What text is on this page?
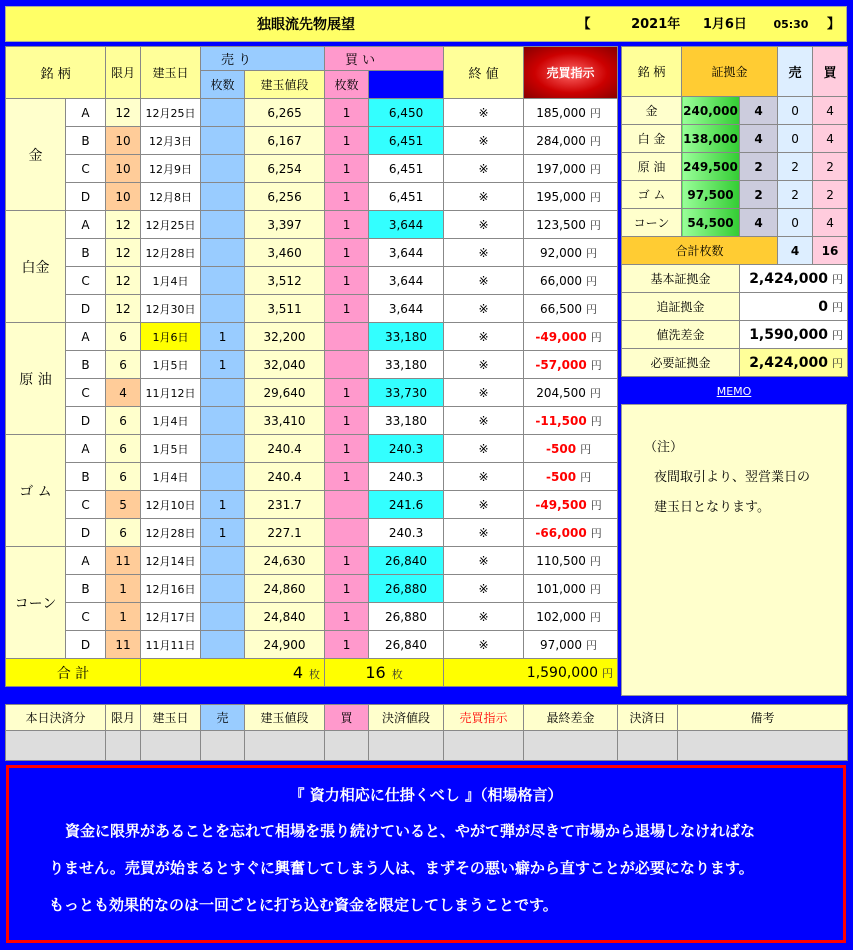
独眼流先物展望	【	2021年 1月6日 05:30 】
銘 柄		限月	建玉日	売 り		買 い		終 値	売買指示	
				枚数	建玉値段	枚数				
金	A	12	12月25日		6,265	1	6,450	※	185,000 円	
	B	10	12月3日		6,167	1	6,451	※	284,000 円	
	C	10	12月9日		6,254	1	6,451	※	197,000 円	
	D	10	12月8日		6,256	1	6,451	※	195,000 円	
白金	A	12	12月25日		3,397	1	3,644	※	123,500 円	
	B	12	12月28日		3,460	1	3,644	※	92,000 円	
	C	12	1月4日		3,512	1	3,644	※	66,000 円	
	D	12	12月30日		3,511	1	3,644	※	66,500 円	
原 油	A	6	1月6日	1	32,200		33,180	※	-49,000 円	
	B	6	1月5日	1	32,040		33,180	※	-57,000 円	
	C	4	11月12日		29,640	1	33,730	※	204,500 円	
	D	6	1月4日		33,410	1	33,180	※	-11,500 円	
ゴ ム	A	6	1月5日		240.4	1	240.3	※	-500 円	
	B	6	1月4日		240.4	1	240.3	※	-500 円	
	C	5	12月10日	1	231.7		241.6	※	-49,500 円	
	D	6	12月28日	1	227.1		240.3	※	-66,000 円	
コーン	A	11	12月14日		24,630	1	26,840	※	110,500 円	
	B	1	12月16日		24,860	1	26,880	※	101,000 円	
	C	1	12月17日		24,840	1	26,880	※	102,000 円	
	D	11	11月11日		24,900	1	26,840	※	97,000 円	
合 計			4 枚			16 枚		1,590,000 円		
銘 柄	証拠金		売	買
金	240,000	4	0	4
白 金	138,000	4	0	4
原 油	249,500	2	2	2
ゴ ム	97,500	2	2	2
コーン	54,500	4	0	4
合計枚数			4	16
基本証拠金		2,424,000 円		
追証拠金		0 円		
値洗差金		1,590,000 円		
必要証拠金		2,424,000 円		
MEMO
（注）
夜間取引より、翌営業日の
建玉日となります。
本日決済分	限月	建玉日	売	建玉値段	買	決済値段	売買指示	最終差金	決済日	備考

『 資力相応に仕掛くべし 』（相場格言）

資金に限界があることを忘れて相場を張り続けていると、やがて弾が尽きて市場から退場しなければな

りません。売買が始まるとすぐに興奮してしまう人は、まずその悪い癖から直すことが必要になります。

もっとも効果的なのは一回ごとに打ち込む資金を限定してしまうことです。
